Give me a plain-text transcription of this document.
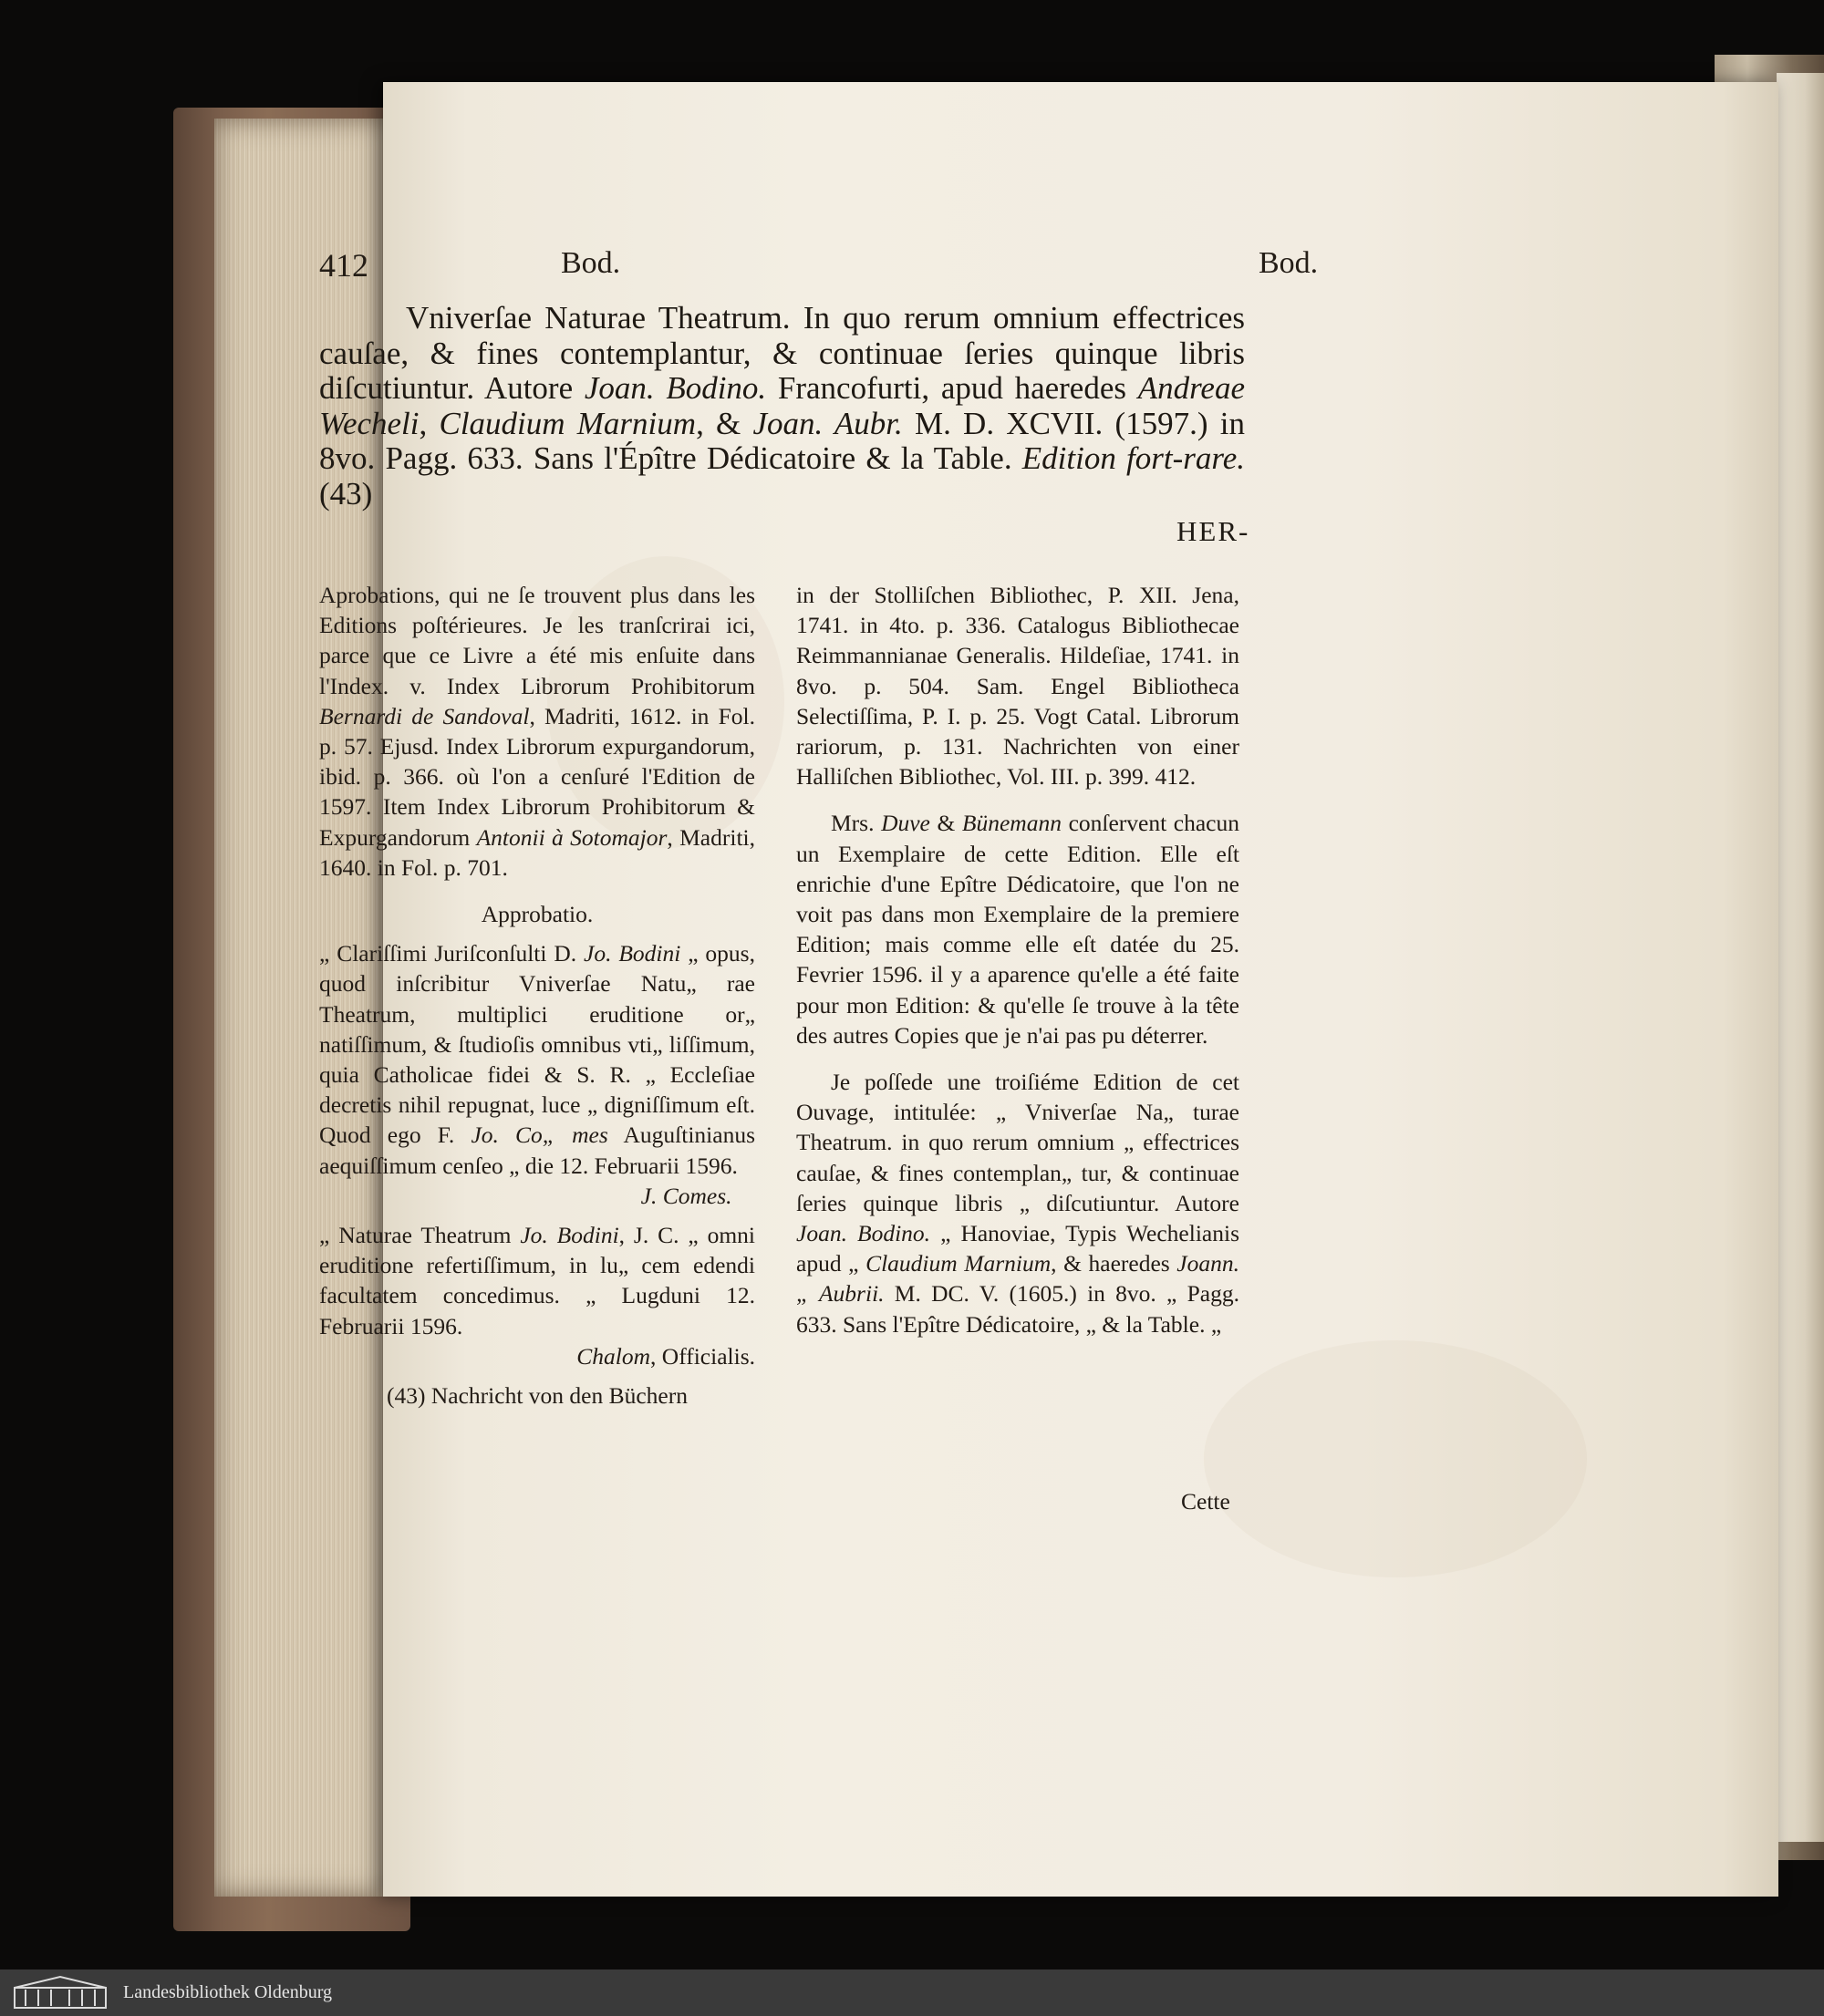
412	Bod.	Bod.

Vniverſae Naturae Theatrum. In quo rerum omnium effectrices cauſae, & fines contemplantur, & continuae ſeries quinque libris diſcutiuntur. Autore Joan. Bodino. Francofurti, apud haeredes Andreae Wecheli, Claudium Marnium, & Joan. Aubr. M. D. XCVII. (1597.) in 8vo. Pagg. 633. Sans l'Épître Dédicatoire & la Table. Edition fort-rare. (43)

HER-

Aprobations, qui ne ſe trouvent plus dans les Editions poſtérieures. Je les tranſcrirai ici, parce que ce Livre a été mis enſuite dans l'Index. v. Index Librorum Prohibitorum Bernardi de Sandoval, Madriti, 1612. in Fol. p. 57. Ejusd. Index Librorum expurgandorum, ibid. p. 366. où l'on a cenſuré l'Edition de 1597. Item Index Librorum Prohibitorum & Expurgandorum Antonii à Sotomajor, Madriti, 1640. in Fol. p. 701.

Approbatio.

„ Clariſſimi Juriſconſulti D. Jo. Bodini „ opus, quod inſcribitur Vniverſae Natu„ rae Theatrum, multiplici eruditione or„ natiſſimum, & ſtudioſis omnibus vti„ liſſimum, quia Catholicae fidei & S. R. „ Eccleſiae decretis nihil repugnat, luce „ digniſſimum eſt. Quod ego F. Jo. Co„ mes Auguſtinianus aequiſſimum cenſeo „ die 12. Februarii 1596.

J. Comes.

„ Naturae Theatrum Jo. Bodini, J. C. „ omni eruditione refertiſſimum, in lu„ cem edendi facultatem concedimus. „ Lugduni 12. Februarii 1596.

Chalom, Officialis.

(43) Nachricht von den Büchern

in der Stolliſchen Bibliothec, P. XII. Jena, 1741. in 4to. p. 336. Catalogus Bibliothecae Reimmannianae Generalis. Hildeſiae, 1741. in 8vo. p. 504. Sam. Engel Bibliotheca Selectiſſima, P. I. p. 25. Vogt Catal. Librorum rariorum, p. 131. Nachrichten von einer Halliſchen Bibliothec, Vol. III. p. 399. 412.

Mrs. Duve & Bünemann conſervent chacun un Exemplaire de cette Edition. Elle eſt enrichie d'une Epître Dédicatoire, que l'on ne voit pas dans mon Exemplaire de la premiere Edition; mais comme elle eſt datée du 25. Fevrier 1596. il y a aparence qu'elle a été faite pour mon Edition: & qu'elle ſe trouve à la tête des autres Copies que je n'ai pas pu déterrer.

Je poſſede une troiſiéme Edition de cet Ouvage, intitulée: „ Vniverſae Na„ turae Theatrum. in quo rerum omnium „ effectrices cauſae, & fines contemplan„ tur, & continuae ſeries quinque libris „ diſcutiuntur. Autore Joan. Bodino. „ Hanoviae, Typis Wechelianis apud „ Claudium Marnium, & haeredes Joann. „ Aubrii. M. DC. V. (1605.) in 8vo. „ Pagg. 633. Sans l'Epître Dédicatoire, „ & la Table. „

Cette
Landesbibliothek Oldenburg
